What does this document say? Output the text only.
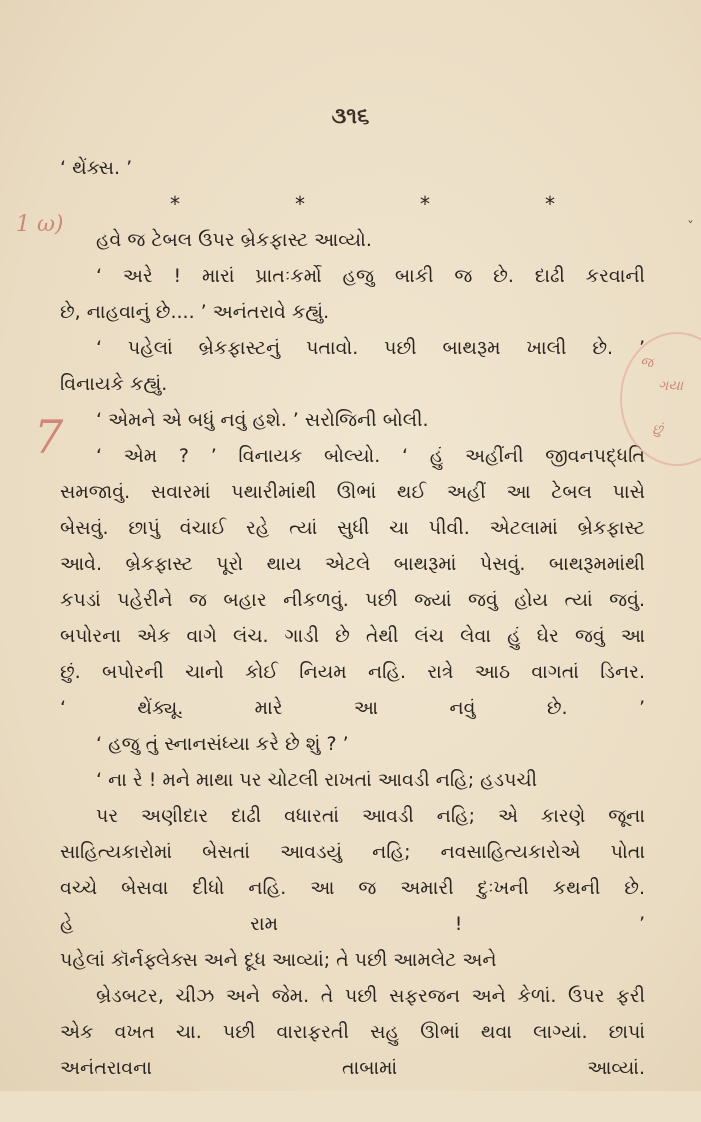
૩૧૬
‘ થેંક્સ. ’
*	*	*	*
હવે જ ટેબલ ઉપર બ્રેકફાસ્ટ આવ્યો.
‘ અરે ! મારાં પ્રાતઃકર્મો હજુ બાકી જ છે. દાઢી કરવાની
છે, નાહવાનું છે.... ’ અનંતરાવે કહ્યું.
‘ પહેલાં બ્રેકફાસ્ટનું પતાવો. પછી બાથરૂમ ખાલી છે. ’
વિનાયકે કહ્યું.
‘ એમને એ બધું નવું હશે. ’ સરોજિની બોલી.
‘ એમ ? ’ વિનાયક બોલ્યો. ‘ હું અહીંની જીવનપદ્ધતિ
સમજાવું. સવારમાં પથારીમાંથી ઊભાં થઈ અહીં આ ટેબલ પાસે
બેસવું. છાપું વંચાઈ રહે ત્યાં સુધી ચા પીવી. એટલામાં બ્રેકફાસ્ટ
આવે. બ્રેકફાસ્ટ પૂરો થાય એટલે બાથરૂમાં પેસવું. બાથરૂમમાંથી
કપડાં પહેરીને જ બહાર નીકળવું. પછી જ્યાં જવું હોય ત્યાં જવું.
બપોરના એક વાગે લંચ. ગાડી છે તેથી લંચ લેવા હું ઘેર જવું આ
છું. બપોરની ચાનો કોઈ નિયમ નહિ. રાત્રે આઠ વાગતાં ડિનર.
‘ થેંક્યૂ. મારે આ નવું છે. ’
‘ હજુ તું સ્નાનસંધ્યા કરે છે શું ? ’
‘ ના રે ! મને માથા પર ચોટલી રાખતાં આવડી નહિ; હડપચી
પર અણીદાર દાઢી વધારતાં આવડી નહિ; એ કારણે જૂના
સાહિત્યકારોમાં બેસતાં આવડયું નહિ; નવસાહિત્યકારોએ પોતા
વચ્ચે બેસવા દીધો નહિ. આ જ અમારી દુઃખની કથની છે.
હે રામ ! ’
પહેલાં કૉર્નફ્લેક્સ અને દૂધ આવ્યાં; તે પછી આમલેટ અને
બ્રેડબટર, ચીઝ અને જેમ. તે પછી સફરજન અને કેળાં. ઉપર ફરી
એક વખત ચા. પછી વારાફરતી સહુ ઊભાં થવા લાગ્યાં. છાપાં
અનંતરાવના તાબામાં આવ્યાં.
1 ω)
જ
ગયા
છું
7
ˇ
